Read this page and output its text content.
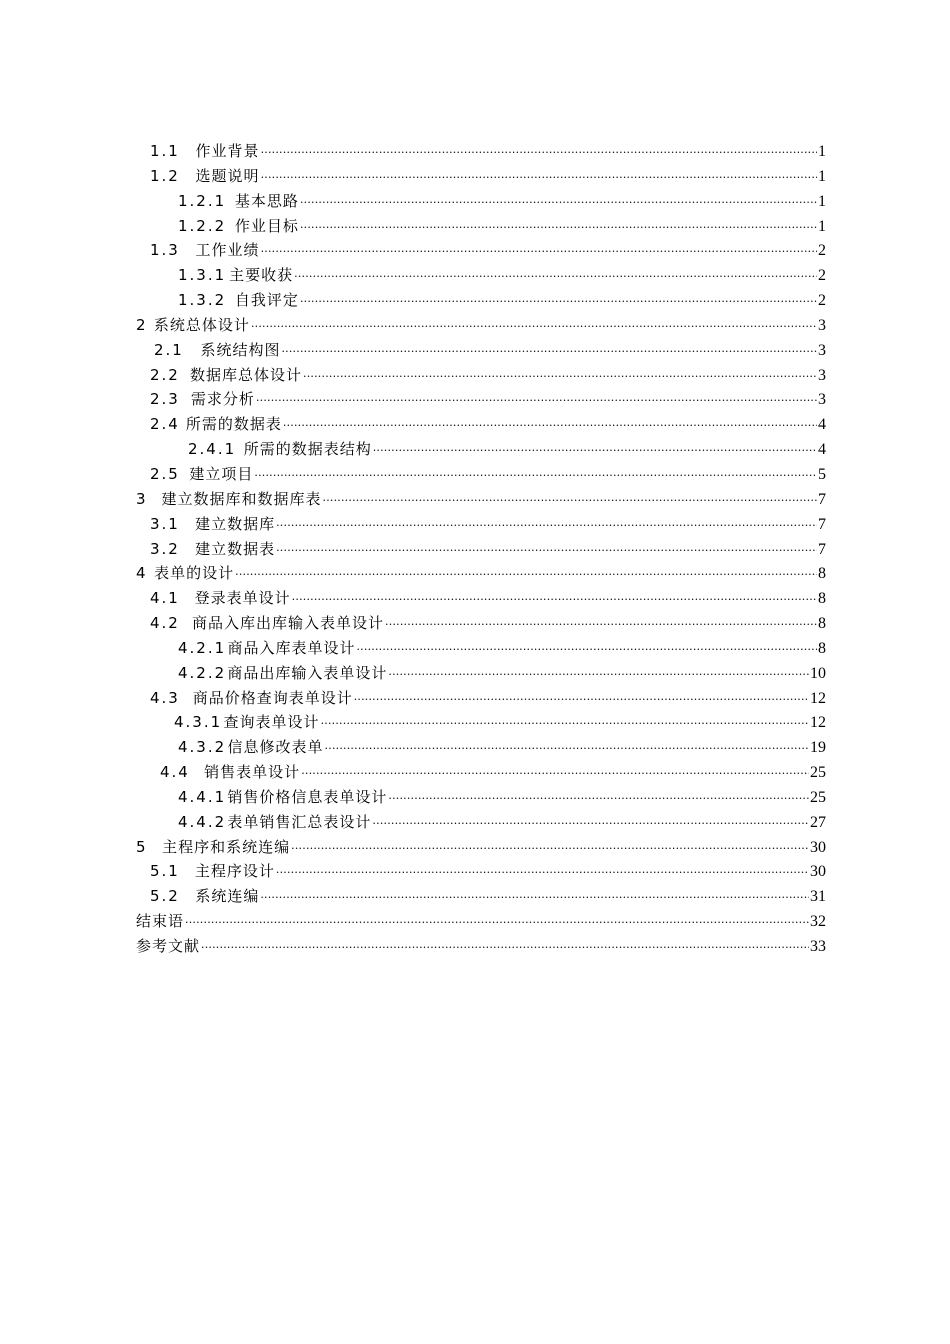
1.1 作业背景 ·····	1
1.2 选题说明 ·····	1
1.2.1 基本思路 ·····	1
1.2.2 作业目标 ·····	1
1.3 工作业绩 ·····	2
1.3.1 主要收获 ·····	2
1.3.2 自我评定 ·····	2
2 系统总体设计 ·····	3
2.1 系统结构图 ·····	3
2.2 数据库总体设计 ·····	3
2.3 需求分析 ·····	3
2.4 所需的数据表 ·····	4
2.4.1 所需的数据表结构 ·····	4
2.5 建立项目 ·····	5
3 建立数据库和数据库表 ·····	7
3.1 建立数据库 ·····	7
3.2 建立数据表 ·····	7
4 表单的设计 ·····	8
4.1 登录表单设计 ·····	8
4.2 商品入库出库输入表单设计 ·····	8
4.2.1 商品入库表单设计 ·····	8
4.2.2 商品出库输入表单设计 ·····	10
4.3 商品价格查询表单设计 ·····	12
4.3.1 查询表单设计 ·····	12
4.3.2 信息修改表单 ·····	19
4.4 销售表单设计 ·····	25
4.4.1 销售价格信息表单设计 ·····	25
4.4.2 表单销售汇总表设计 ·····	27
5 主程序和系统连编 ·····	30
5.1 主程序设计 ·····	30
5.2 系统连编 ·····	31
结束语 ·····	32
参考文献 ·····	33
